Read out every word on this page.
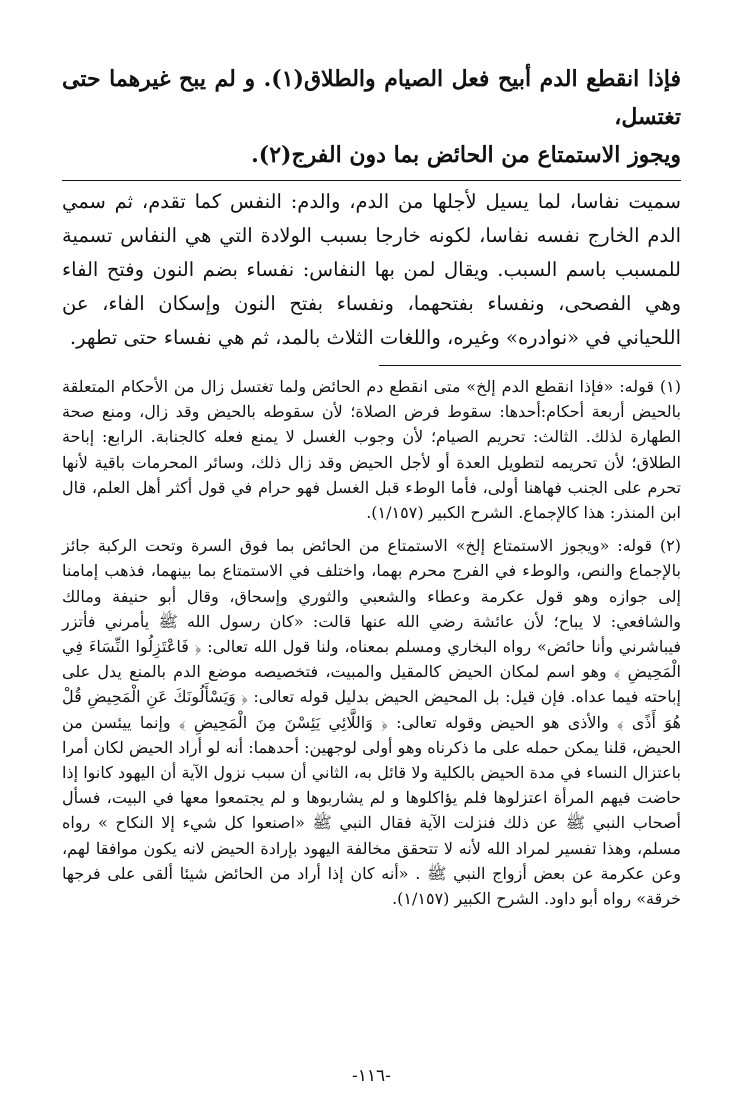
فإذا انقطع الدم أبيح فعل الصيام والطلاق(١). و لم يبح غيرهما حتى تغتسل،
ويجوز الاستمتاع من الحائض بما دون الفرج(٢).

سميت نفاسا، لما يسيل لأجلها من الدم، والدم: النفس كما تقدم، ثم سمي الدم الخارج نفسه نفاسا، لكونه خارجا بسبب الولادة التي هي النفاس تسمية للمسبب باسم السبب. ويقال لمن بها النفاس: نفساء بضم النون وفتح الفاء وهي الفصحى، ونفساء بفتحهما، ونفساء بفتح النون وإسكان الفاء، عن اللحياني في «نوادره» وغيره، واللغات الثلاث بالمد، ثم هي نفساء حتى تطهر.

(١) قوله: «فإذا انقطع الدم إلخ» متى انقطع دم الحائض ولما تغتسل زال من الأحكام المتعلقة بالحيض أربعة أحكام:أحدها: سقوط فرض الصلاة؛ لأن سقوطه بالحيض وقد زال، ومنع صحة الطهارة لذلك. الثالث: تحريم الصيام؛ لأن وجوب الغسل لا يمنع فعله كالجنابة. الرابع: إباحة الطلاق؛ لأن تحريمه لتطويل العدة أو لأجل الحيض وقد زال ذلك، وسائر المحرمات باقية لأنها تحرم على الجنب فهاهنا أولى، فأما الوطء قبل الغسل فهو حرام في قول أكثر أهل العلم، قال ابن المنذر: هذا كالإجماع. الشرح الكبير (١/١٥٧).

(٢) قوله: «ويجوز الاستمتاع إلخ» الاستمتاع من الحائض بما فوق السرة وتحت الركبة جائز بالإجماع والنص، والوطء في الفرج محرم بهما، واختلف في الاستمتاع بما بينهما، فذهب إمامنا إلى جوازه وهو قول عكرمة وعطاء والشعبي والثوري وإسحاق، وقال أبو حنيفة ومالك والشافعي: لا يباح؛ لأن عائشة رضي الله عنها قالت: «كان رسول الله ﷺ يأمرني فأتزر فيباشرني وأنا حائض» رواه البخاري ومسلم بمعناه، ولنا قول الله تعالى: ﴿ فَاعْتَزِلُوا النِّسَاءَ فِي الْمَحِيضِ ﴾ وهو اسم لمكان الحيض كالمقيل والمبيت، فتخصيصه موضع الدم بالمنع يدل على إباحته فيما عداه. فإن قيل: بل المحيض الحيض بدليل قوله تعالى: ﴿ وَيَسْأَلُونَكَ عَنِ الْمَحِيضِ قُلْ هُوَ أَذًى ﴾ والأذى هو الحيض وقوله تعالى: ﴿ وَاللَّائِي يَئِسْنَ مِنَ الْمَحِيضِ ﴾ وإنما ييئسن من الحيض، قلنا يمكن حمله على ما ذكرناه وهو أولى لوجهين: أحدهما: أنه لو أراد الحيض لكان أمرا باعتزال النساء في مدة الحيض بالكلية ولا قائل به، الثاني أن سبب نزول الآية أن اليهود كانوا إذا حاضت فيهم المرأة اعتزلوها فلم يؤاكلوها و لم يشاربوها و لم يجتمعوا معها في البيت، فسأل أصحاب النبي ﷺ عن ذلك فنزلت الآية فقال النبي ﷺ «اصنعوا كل شيء إلا النكاح » رواه مسلم، وهذا تفسير لمراد الله لأنه لا تتحقق مخالفة اليهود بإرادة الحيض لانه يكون موافقا لهم، وعن عكرمة عن بعض أزواج النبي ﷺ . «أنه كان إذا أراد من الحائض شيئا ألقى على فرجها خرقة» رواه أبو داود. الشرح الكبير (١/١٥٧).

-١١٦-
